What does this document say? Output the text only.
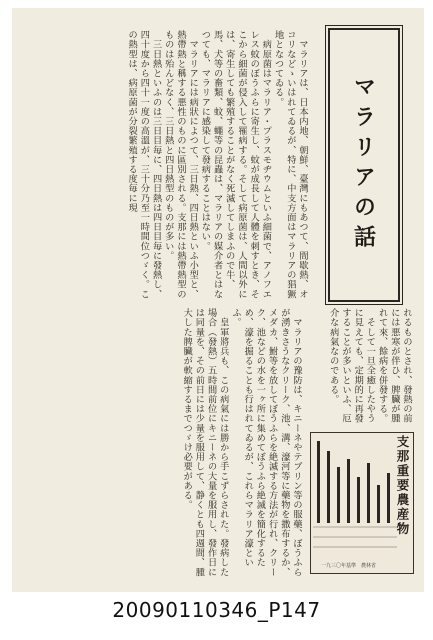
マラリアの話
　マラリアは、日本内地、朝鮮、臺灣にもあつて、間歇熱、オコリなどゝいはれてゐるが、特に、中支方面はマラリアの猖獗地となつてゐる。
　病原菌はマラリア・プラスモヂウムといふ細菌で、アノフエレス蚊のぼうふらに寄生し、蚊が成長して人體を刺すとき、そこから細菌が侵入して罹病する。そして病原菌は、人間以外には、寄生しても繁殖することがなく死滅してしまふので牛、馬、犬等の畜類、蚊、蠅等の昆蟲は、マラリアの媒介者とはなつても、マラリアに感染して發病することはない。
　マラリアには病狀によつて、三日熱、四日熱といふ小型と、熱帶熱と稱する悪性のものに區別される。支那には熱帶熱型のものは殆んどなく、三日熱と四日熱型のものが多い。
　三日熱といふのは三日目毎に、四日熱は四日目毎に發熱し、四十度から四十一度の高溫が、三十分乃至一時間位つゞく。この熱型は、病原菌が分裂繁殖する度毎に現
れるものとされ、發熱の前には悪寒が伴ひ、脾臟が腫れて來、餘病を併發する。
　そして一旦全癒したやうに見えても、定期的に再發することが多いといふ、厄介な病氣なのである。
　マラリアの豫防は、キニーネやテブリン等の服藥、ぼうふらが湧きさうなクリーク、池、溝、濠河等に藥物を撒布するか、メダカ、鮒等を放してぼうふらを絶滅する方法が行れ、クリーク、池などの水を一ヶ所に集めてぼうふら絶滅を簡化するため、濠を掘ることも行はれてゐるが、これらマラリア濠といふ。
　皇軍將兵も、この病氣には勝から手こずらされた。發病した場合（發熱）五時間前位にキニーネの大量を服用し、發作日には同量を、その前日には少量を服用して、静くとも四週間、腫大した脾臟が軟縮するまでつゞけ必要がある。	支那重要農産物
一九三〇年基準　農林省
20090110346_P147
